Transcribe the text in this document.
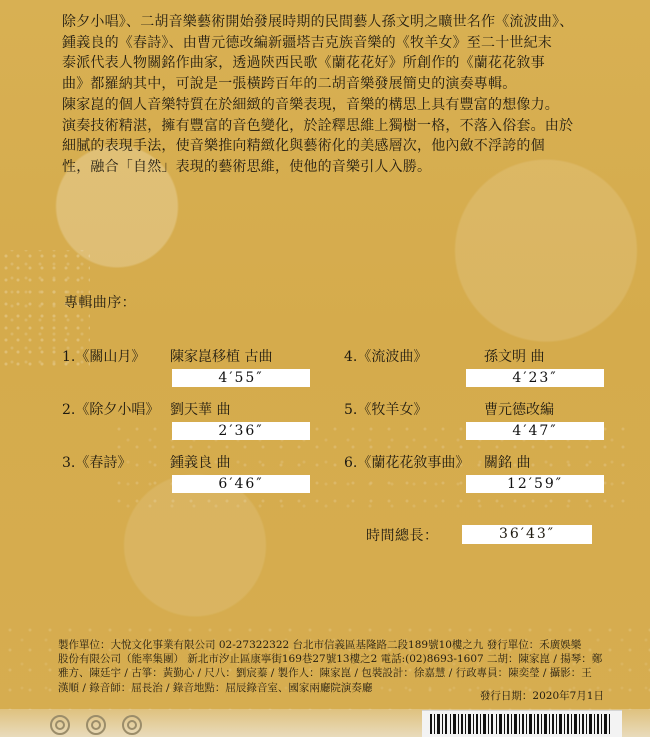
除夕小唱》、二胡音樂藝術開始發展時期的民間藝人孫文明之曠世名作《流波曲》、

鍾義良的《春詩》、由曹元德改編新疆塔吉克族音樂的《牧羊女》至二十世紀末

泰派代表人物關銘作曲家，透過陝西民歌《蘭花花好》所創作的《蘭花花敘事

曲》都羅納其中，可說是一張橫跨百年的二胡音樂發展簡史的演奏專輯。

陳家崑的個人音樂特質在於細緻的音樂表現，音樂的構思上具有豐富的想像力。

演奏技術精湛，擁有豐富的音色變化，於詮釋思維上獨樹一格，不落入俗套。由於

細膩的表現手法，使音樂推向精緻化與藝術化的美感層次，他內斂不浮誇的個

性，融合「自然」表現的藝術思維，使他的音樂引人入勝。

專輯曲序：
1.《關山月》 陳家崑移植 古曲
4′55″
2.《除夕小唱》 劉天華 曲
2′36″
3.《春詩》	鍾義良 曲
6′46″
4.《流波曲》	孫文明 曲
4′23″
5.《牧羊女》	曹元德改編
4′47″
6.《蘭花花敘事曲》 關銘 曲
12′59″
時間總長：	36′43″
製作單位：大悅文化事業有限公司 02-27322322 台北市信義區基隆路二段189號10樓之九 發行單位：禾廣娛樂
股份有限公司（能率集團） 新北市汐止區康寧街169巷27號13樓之2 電話:(02)8693-1607 二胡：陳家崑 / 揚琴：鄭
雅方、陳廷宇 / 古箏：黃勤心 / 尺八：劉宸蓁 / 製作人：陳家崑 / 包裝設計：徐嘉慧 / 行政專員：陳奕瑩 / 攝影：王
漢順 / 錄音師：屈長治 / 錄音地點：屈辰錄音室、國家兩廳院演奏廳
發行日期：2020年7月1日
